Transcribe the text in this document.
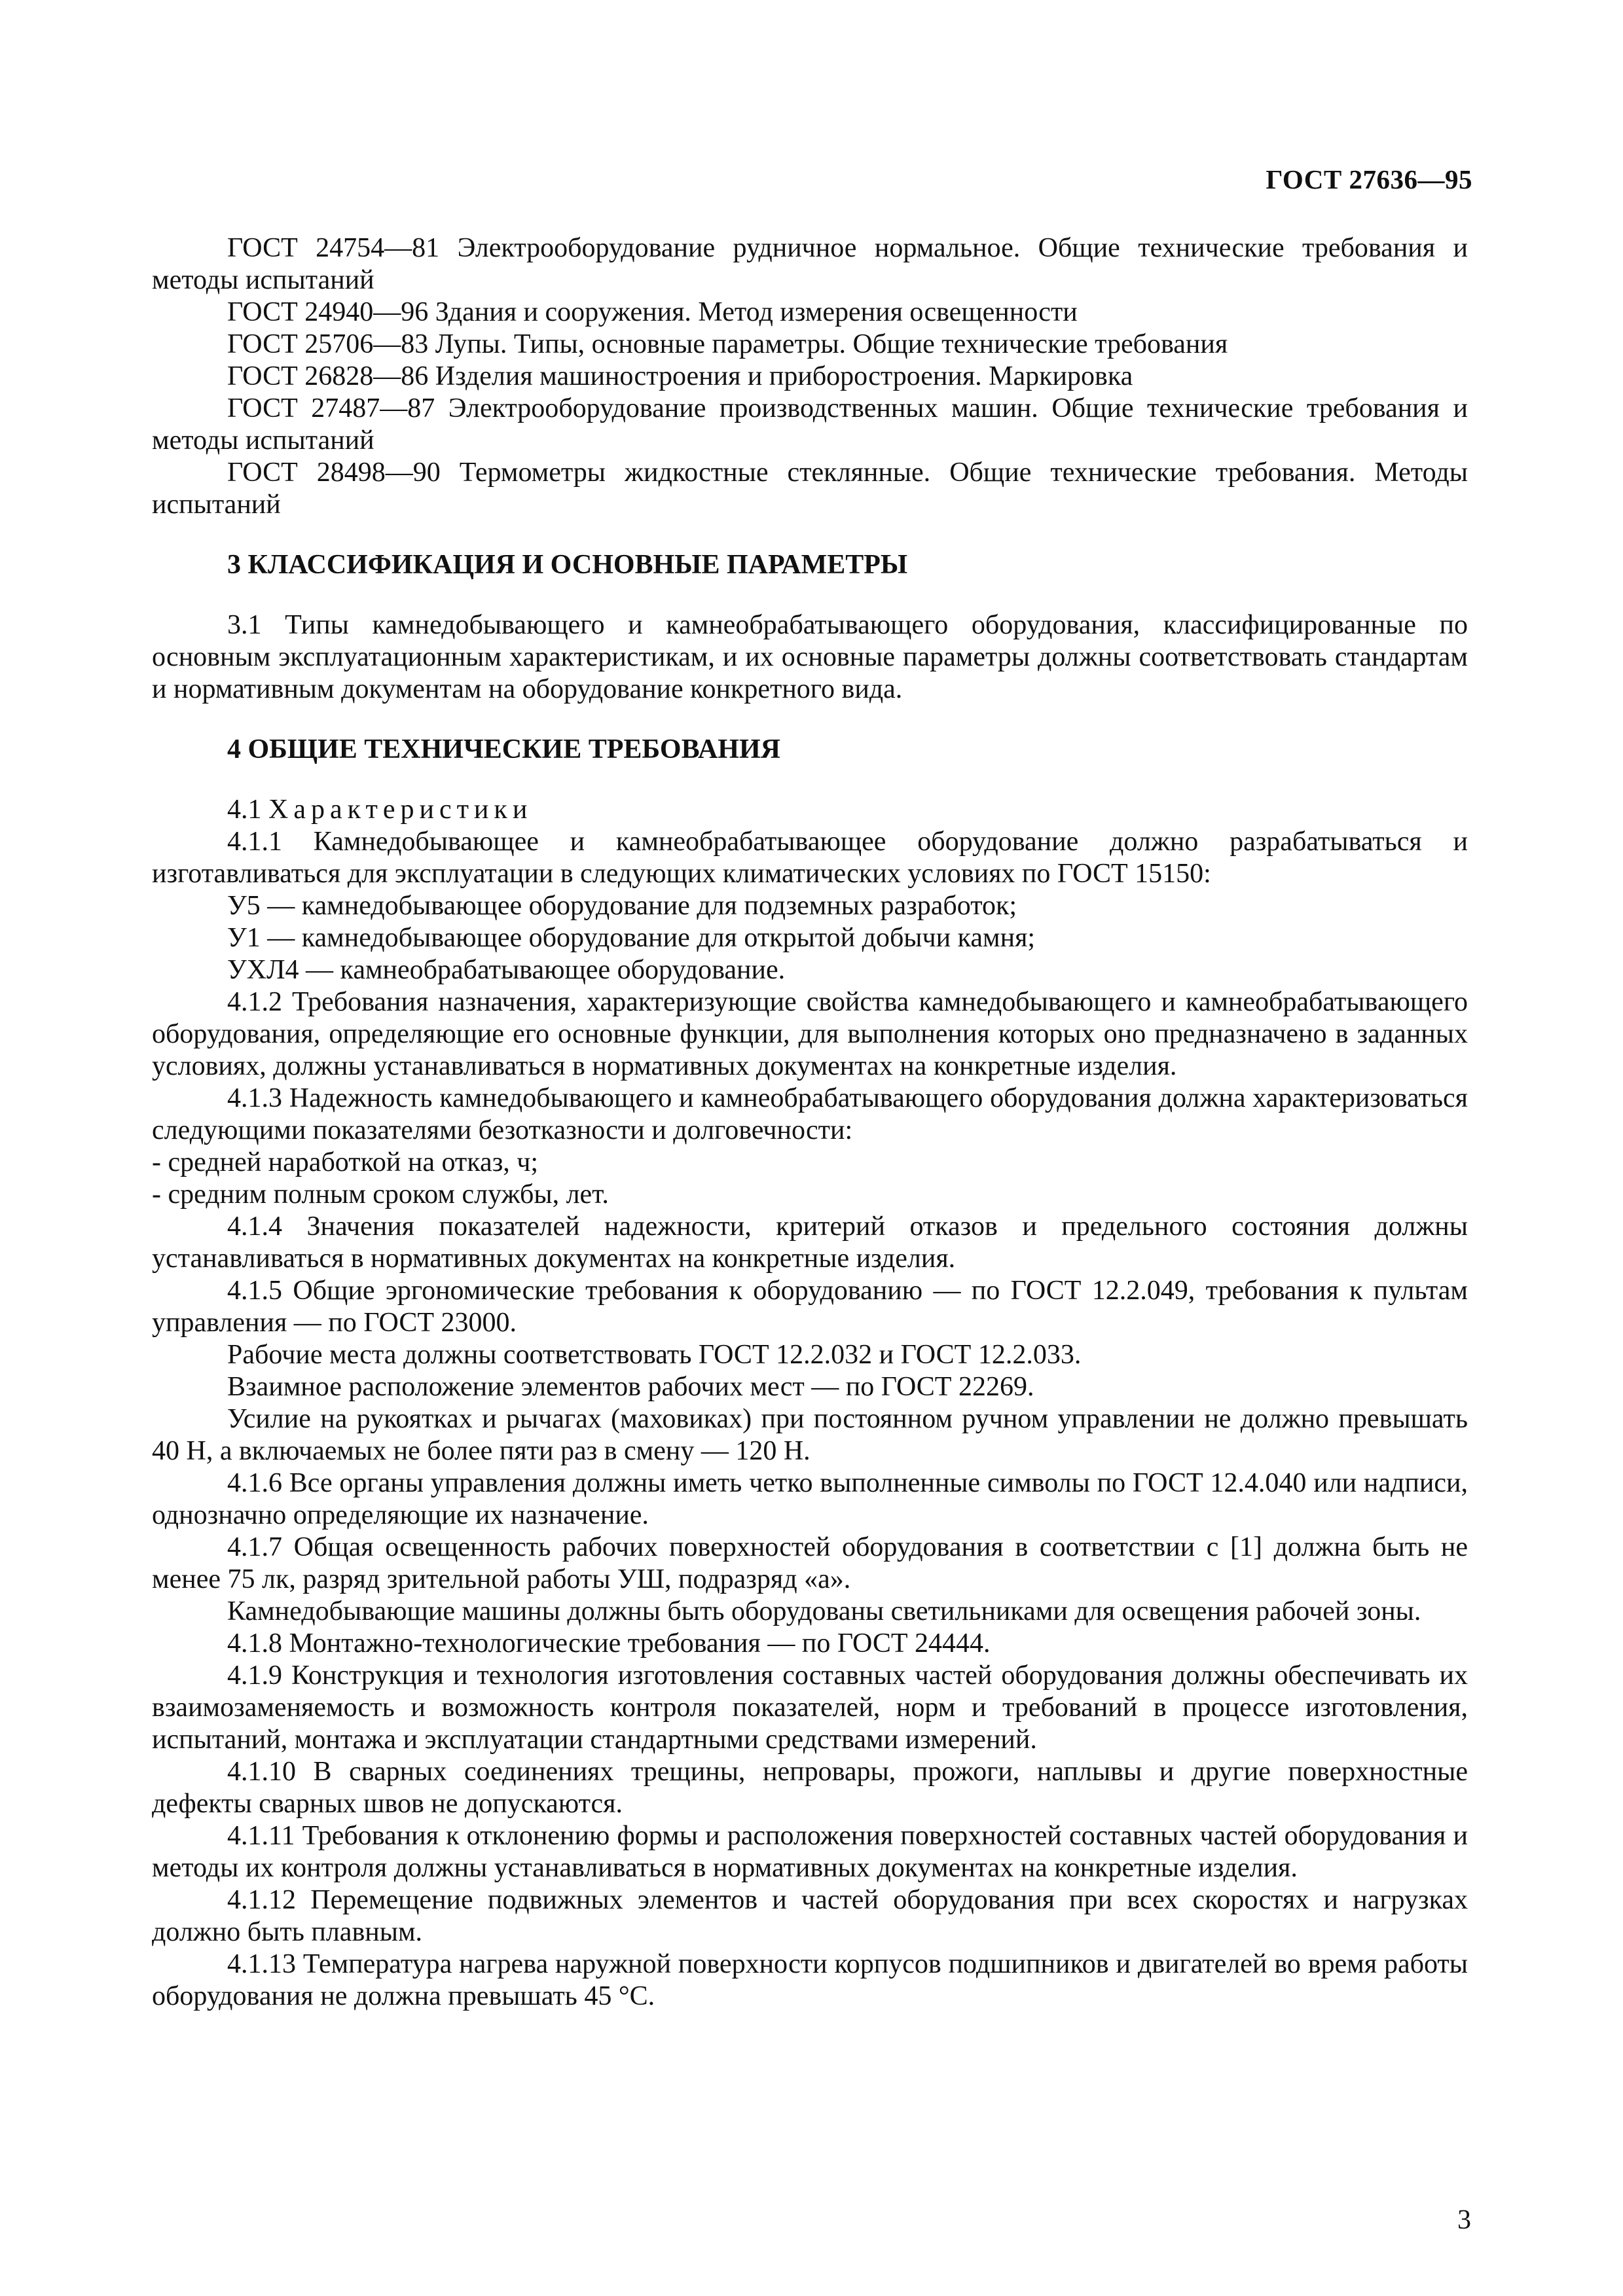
ГОСТ 27636—95

ГОСТ 24754—81 Электрооборудование рудничное нормальное. Общие технические требования и методы испытаний

ГОСТ 24940—96 Здания и сооружения. Метод измерения освещенности

ГОСТ 25706—83 Лупы. Типы, основные параметры. Общие технические требования

ГОСТ 26828—86 Изделия машиностроения и приборостроения. Маркировка

ГОСТ 27487—87 Электрооборудование производственных машин. Общие технические требования и методы испытаний

ГОСТ 28498—90 Термометры жидкостные стеклянные. Общие технические требования. Методы испытаний

3 КЛАССИФИКАЦИЯ И ОСНОВНЫЕ ПАРАМЕТРЫ

3.1 Типы камнедобывающего и камнеобрабатывающего оборудования, классифицированные по основным эксплуатационным характеристикам, и их основные параметры должны соответствовать стандартам и нормативным документам на оборудование конкретного вида.

4 ОБЩИЕ ТЕХНИЧЕСКИЕ ТРЕБОВАНИЯ

4.1 Характеристики

4.1.1 Камнедобывающее и камнеобрабатывающее оборудование должно разрабатываться и изготавливаться для эксплуатации в следующих климатических условиях по ГОСТ 15150:

У5 — камнедобывающее оборудование для подземных разработок;

У1 — камнедобывающее оборудование для открытой добычи камня;

УХЛ4 — камнеобрабатывающее оборудование.

4.1.2 Требования назначения, характеризующие свойства камнедобывающего и камнеобрабатывающего оборудования, определяющие его основные функции, для выполнения которых оно предназначено в заданных условиях, должны устанавливаться в нормативных документах на конкретные изделия.

4.1.3 Надежность камнедобывающего и камнеобрабатывающего оборудования должна характеризоваться следующими показателями безотказности и долговечности:

- средней наработкой на отказ, ч;

- средним полным сроком службы, лет.

4.1.4 Значения показателей надежности, критерий отказов и предельного состояния должны устанавливаться в нормативных документах на конкретные изделия.

4.1.5 Общие эргономические требования к оборудованию — по ГОСТ 12.2.049, требования к пультам управления — по ГОСТ 23000.

Рабочие места должны соответствовать ГОСТ 12.2.032 и ГОСТ 12.2.033.

Взаимное расположение элементов рабочих мест — по ГОСТ 22269.

Усилие на рукоятках и рычагах (маховиках) при постоянном ручном управлении не должно превышать 40 Н, а включаемых не более пяти раз в смену — 120 Н.

4.1.6 Все органы управления должны иметь четко выполненные символы по ГОСТ 12.4.040 или надписи, однозначно определяющие их назначение.

4.1.7 Общая освещенность рабочих поверхностей оборудования в соответствии с [1] должна быть не менее 75 лк, разряд зрительной работы УШ, подразряд «а».

Камнедобывающие машины должны быть оборудованы светильниками для освещения рабочей зоны.

4.1.8 Монтажно-технологические требования — по ГОСТ 24444.

4.1.9 Конструкция и технология изготовления составных частей оборудования должны обеспечивать их взаимозаменяемость и возможность контроля показателей, норм и требований в процессе изготовления, испытаний, монтажа и эксплуатации стандартными средствами измерений.

4.1.10 В сварных соединениях трещины, непровары, прожоги, наплывы и другие поверхностные дефекты сварных швов не допускаются.

4.1.11 Требования к отклонению формы и расположения поверхностей составных частей оборудования и методы их контроля должны устанавливаться в нормативных документах на конкретные изделия.

4.1.12 Перемещение подвижных элементов и частей оборудования при всех скоростях и нагрузках должно быть плавным.

4.1.13 Температура нагрева наружной поверхности корпусов подшипников и двигателей во время работы оборудования не должна превышать 45 °С.

3
